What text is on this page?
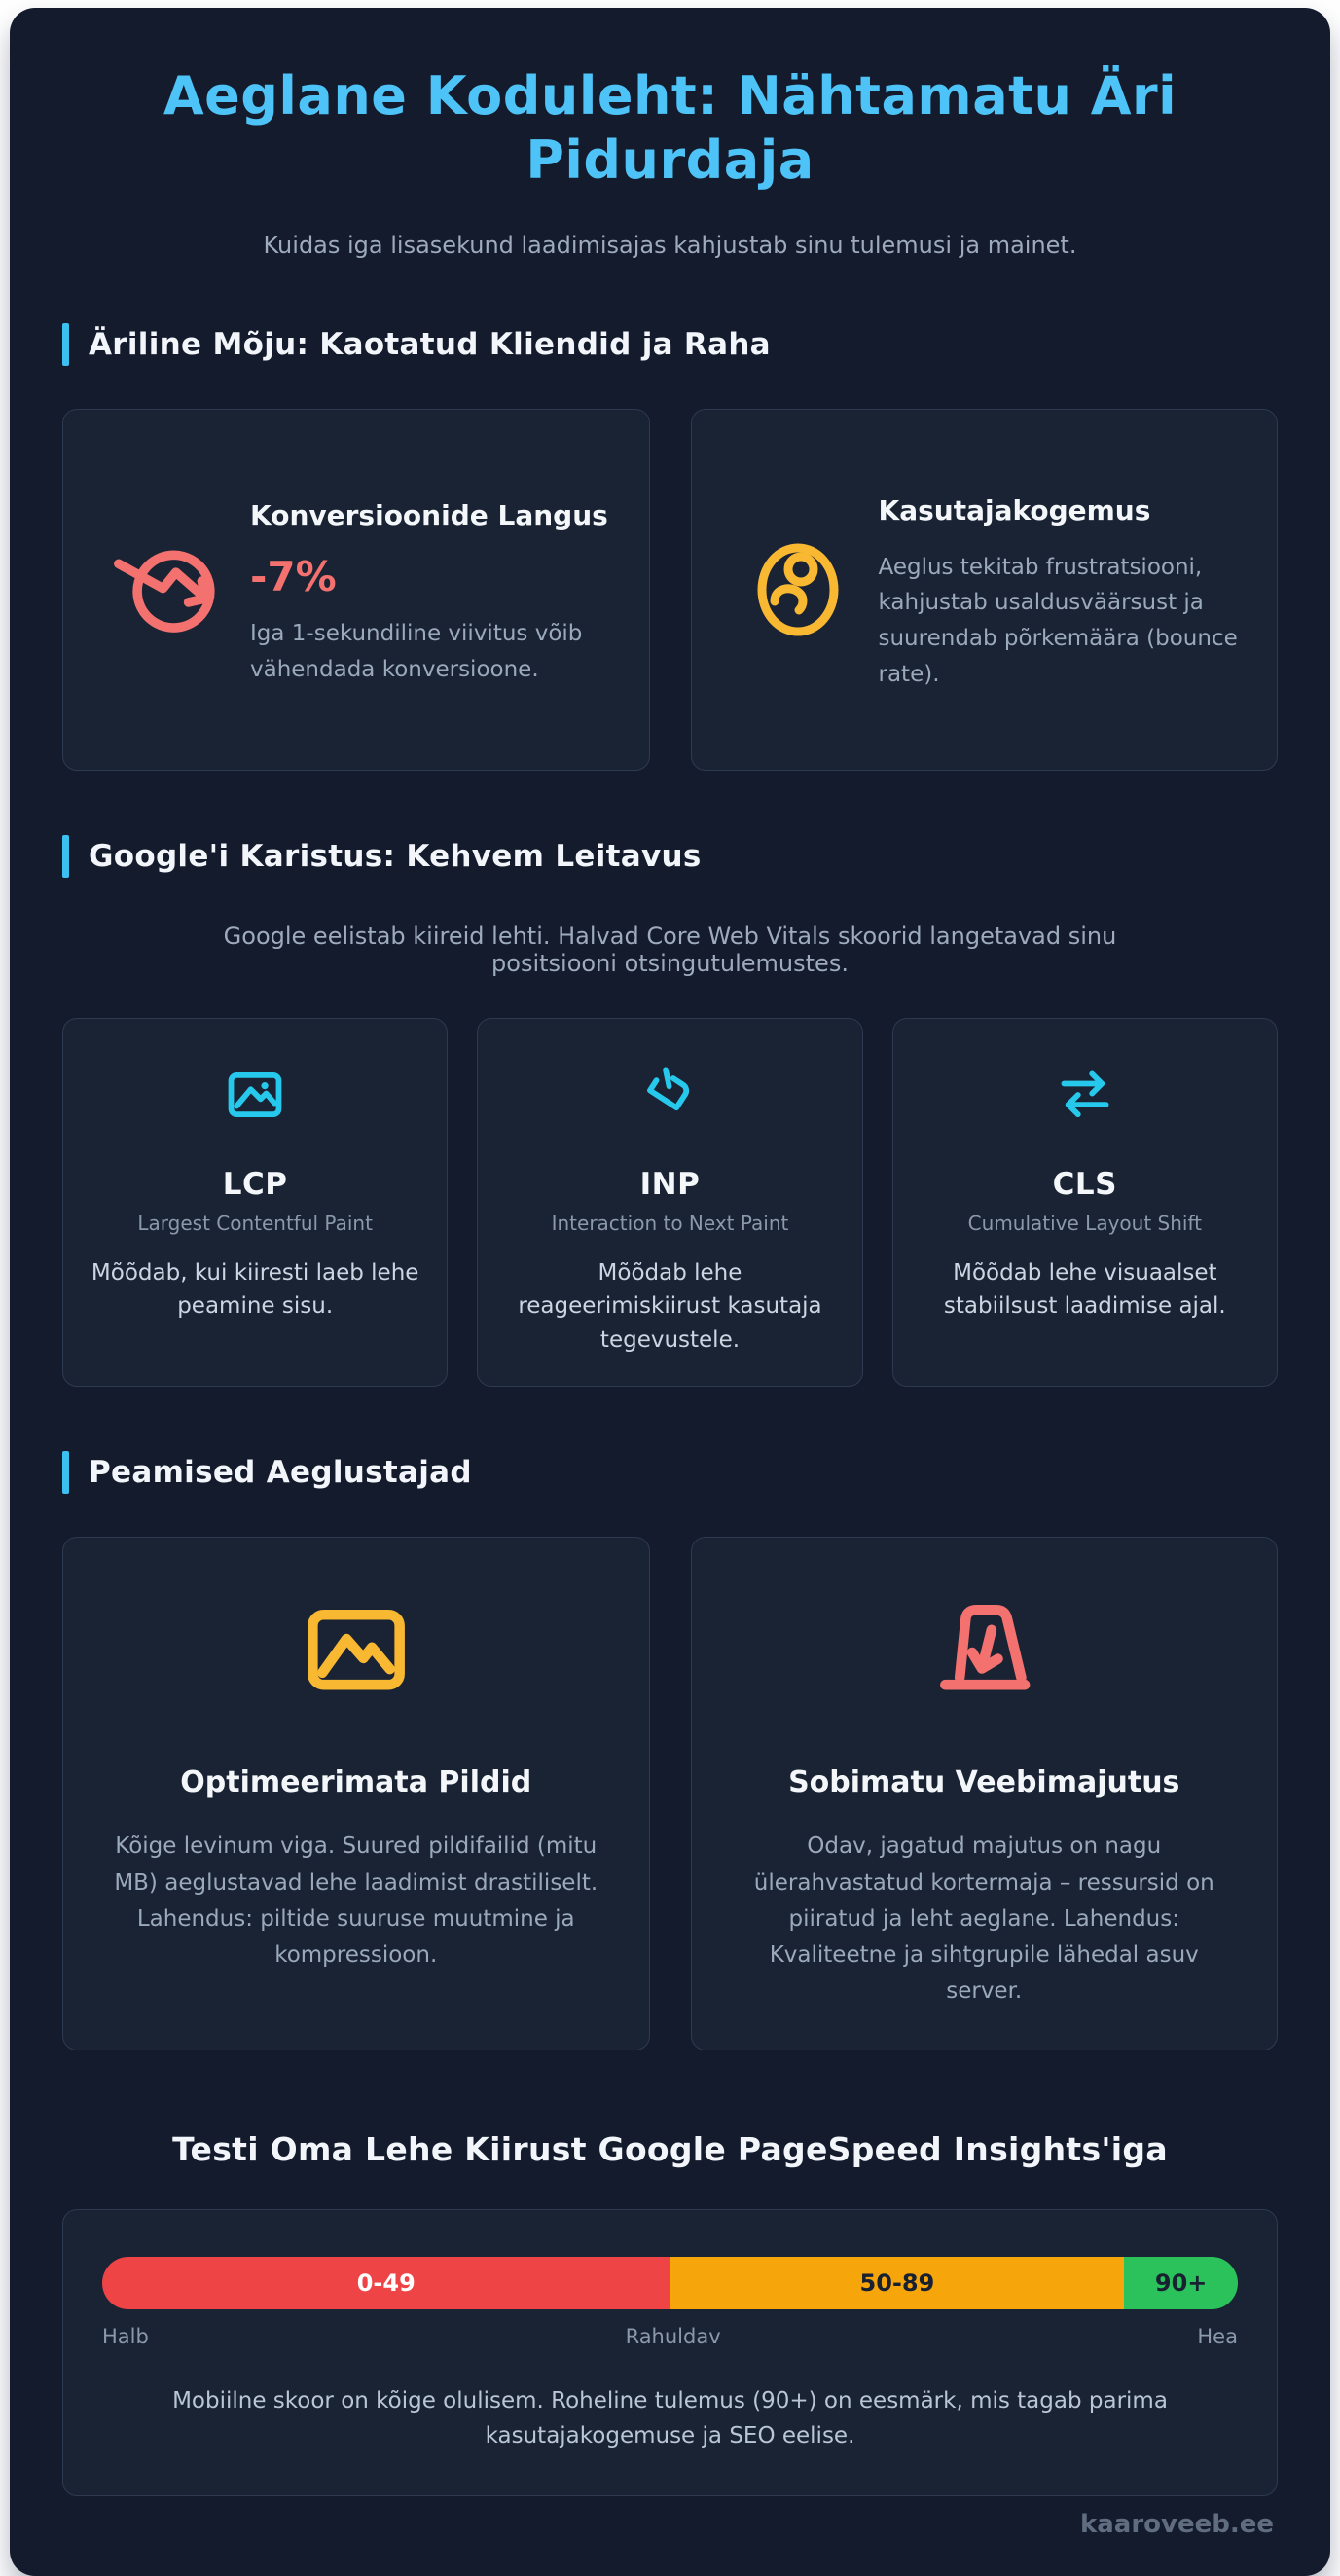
Aeglane Koduleht: Nähtamatu Äri Pidurdaja

Kuidas iga lisasekund laadimisajas kahjustab sinu tulemusi ja mainet.

Äriline Mõju: Kaotatud Kliendid ja Raha
Konversioonide Langus
-7%
Iga 1-sekundiline viivitus võib vähendada konversioone.
Kasutajakogemus
Aeglus tekitab frustratsiooni, kahjustab usaldusväärsust ja suurendab põrkemäära (bounce rate).
Google'i Karistus: Kehvem Leitavus

Google eelistab kiireid lehti. Halvad Core Web Vitals skoorid langetavad sinu positsiooni otsingutulemustes.

LCP
Largest Contentful Paint
Mõõdab, kui kiiresti laeb lehe peamine sisu.
INP
Interaction to Next Paint
Mõõdab lehe reageerimiskiirust kasutaja tegevustele.
CLS
Cumulative Layout Shift
Mõõdab lehe visuaalset stabiilsust laadimise ajal.
Peamised Aeglustajad
Optimeerimata Pildid
Kõige levinum viga. Suured pildifailid (mitu MB) aeglustavad lehe laadimist drastiliselt. Lahendus: piltide suuruse muutmine ja kompressioon.
Sobimatu Veebimajutus
Odav, jagatud majutus on nagu ülerahvastatud kortermaja – ressursid on piiratud ja leht aeglane. Lahendus: Kvaliteetne ja sihtgrupile lähedal asuv server.
Testi Oma Lehe Kiirust Google PageSpeed Insights'iga
0-49	50-89	90+
Halb	Rahuldav	Hea

Mobiilne skoor on kõige olulisem. Roheline tulemus (90+) on eesmärk, mis tagab parima kasutajakogemuse ja SEO eelise.

kaaroveeb.ee
